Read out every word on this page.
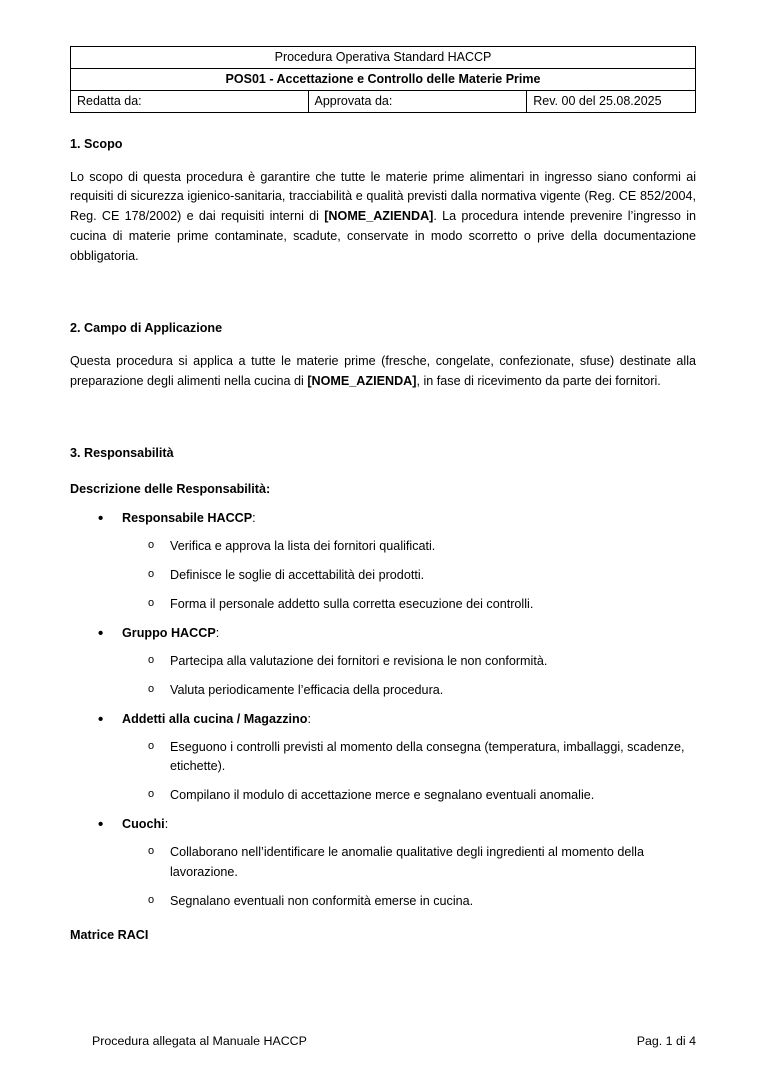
Procedura Operativa Standard HACCP
POS01 - Accettazione e Controllo delle Materie Prime
Redatta da:	Approvata da:	Rev. 00 del 25.08.2025
1. Scopo

Lo scopo di questa procedura è garantire che tutte le materie prime alimentari in ingresso siano conformi ai requisiti di sicurezza igienico-sanitaria, tracciabilità e qualità previsti dalla normativa vigente (Reg. CE 852/2004, Reg. CE 178/2002) e dai requisiti interni di [NOME_AZIENDA]. La procedura intende prevenire l’ingresso in cucina di materie prime contaminate, scadute, conservate in modo scorretto o prive della documentazione obbligatoria.

2. Campo di Applicazione

Questa procedura si applica a tutte le materie prime (fresche, congelate, confezionate, sfuse) destinate alla preparazione degli alimenti nella cucina di [NOME_AZIENDA], in fase di ricevimento da parte dei fornitori.

3. Responsabilità

Descrizione delle Responsabilità:

• Responsabile HACCP:
o Verifica e approva la lista dei fornitori qualificati.
o Definisce le soglie di accettabilità dei prodotti.
o Forma il personale addetto sulla corretta esecuzione dei controlli.
• Gruppo HACCP:
o Partecipa alla valutazione dei fornitori e revisiona le non conformità.
o Valuta periodicamente l’efficacia della procedura.
• Addetti alla cucina / Magazzino:
o Eseguono i controlli previsti al momento della consegna (temperatura, imballaggi, scadenze, etichette).
o Compilano il modulo di accettazione merce e segnalano eventuali anomalie.
• Cuochi:
o Collaborano nell’identificare le anomalie qualitative degli ingredienti al momento della lavorazione.
o Segnalano eventuali non conformità emerse in cucina.

Matrice RACI

Procedura allegata al Manuale HACCP	Pag. 1 di 4
